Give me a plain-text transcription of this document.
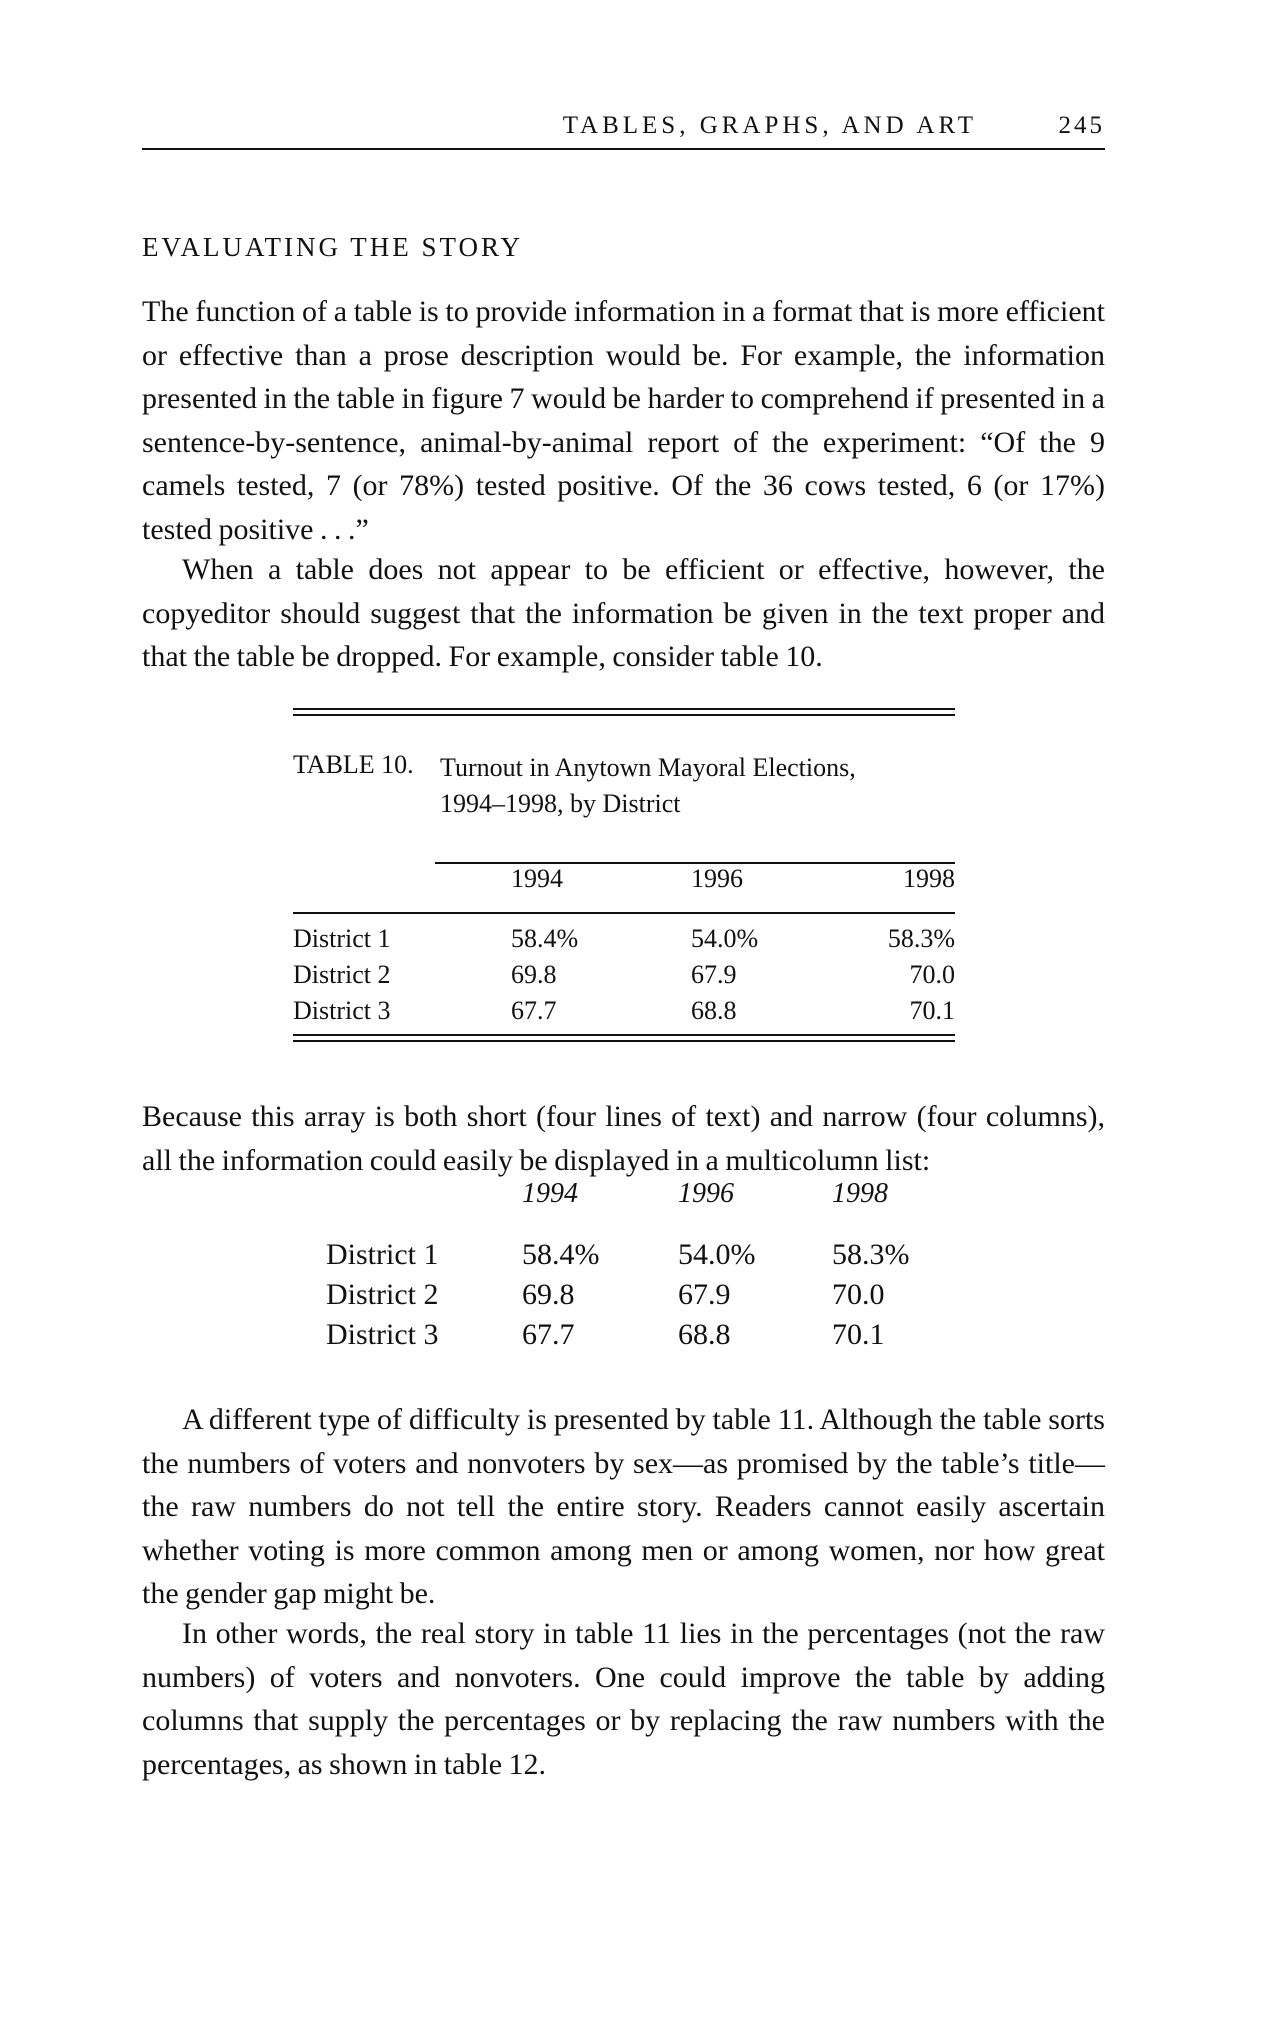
TABLES, GRAPHS, AND ART	245
EVALUATING THE STORY

The function of a table is to provide information in a format that is more efficient or effective than a prose description would be. For example, the information presented in the table in figure 7 would be harder to comprehend if presented in a sentence-by-sentence, animal-by-animal report of the experiment: “Of the 9 camels tested, 7 (or 78%) tested positive. Of the 36 cows tested, 6 (or 17%) tested positive . . .”

When a table does not appear to be efficient or effective, however, the copyeditor should suggest that the information be given in the text proper and that the table be dropped. For example, consider table 10.

TABLE 10. Turnout in Anytown Mayoral Elections,
1994–1998, by District
1994	1996	1998
District 1	58.4%	54.0%	58.3%
District 2	69.8	67.9	70.0
District 3	67.7	68.8	70.1

Because this array is both short (four lines of text) and narrow (four columns), all the information could easily be displayed in a multicolumn list:

1994	1996	1998
District 1	58.4%	54.0%	58.3%
District 2	69.8	67.9	70.0
District 3	67.7	68.8	70.1

A different type of difficulty is presented by table 11. Although the table sorts the numbers of voters and nonvoters by sex—as promised by the table’s title—the raw numbers do not tell the entire story. Readers cannot easily ascertain whether voting is more common among men or among women, nor how great the gender gap might be.

In other words, the real story in table 11 lies in the percentages (not the raw numbers) of voters and nonvoters. One could improve the table by adding columns that supply the percentages or by replacing the raw numbers with the percentages, as shown in table 12.
